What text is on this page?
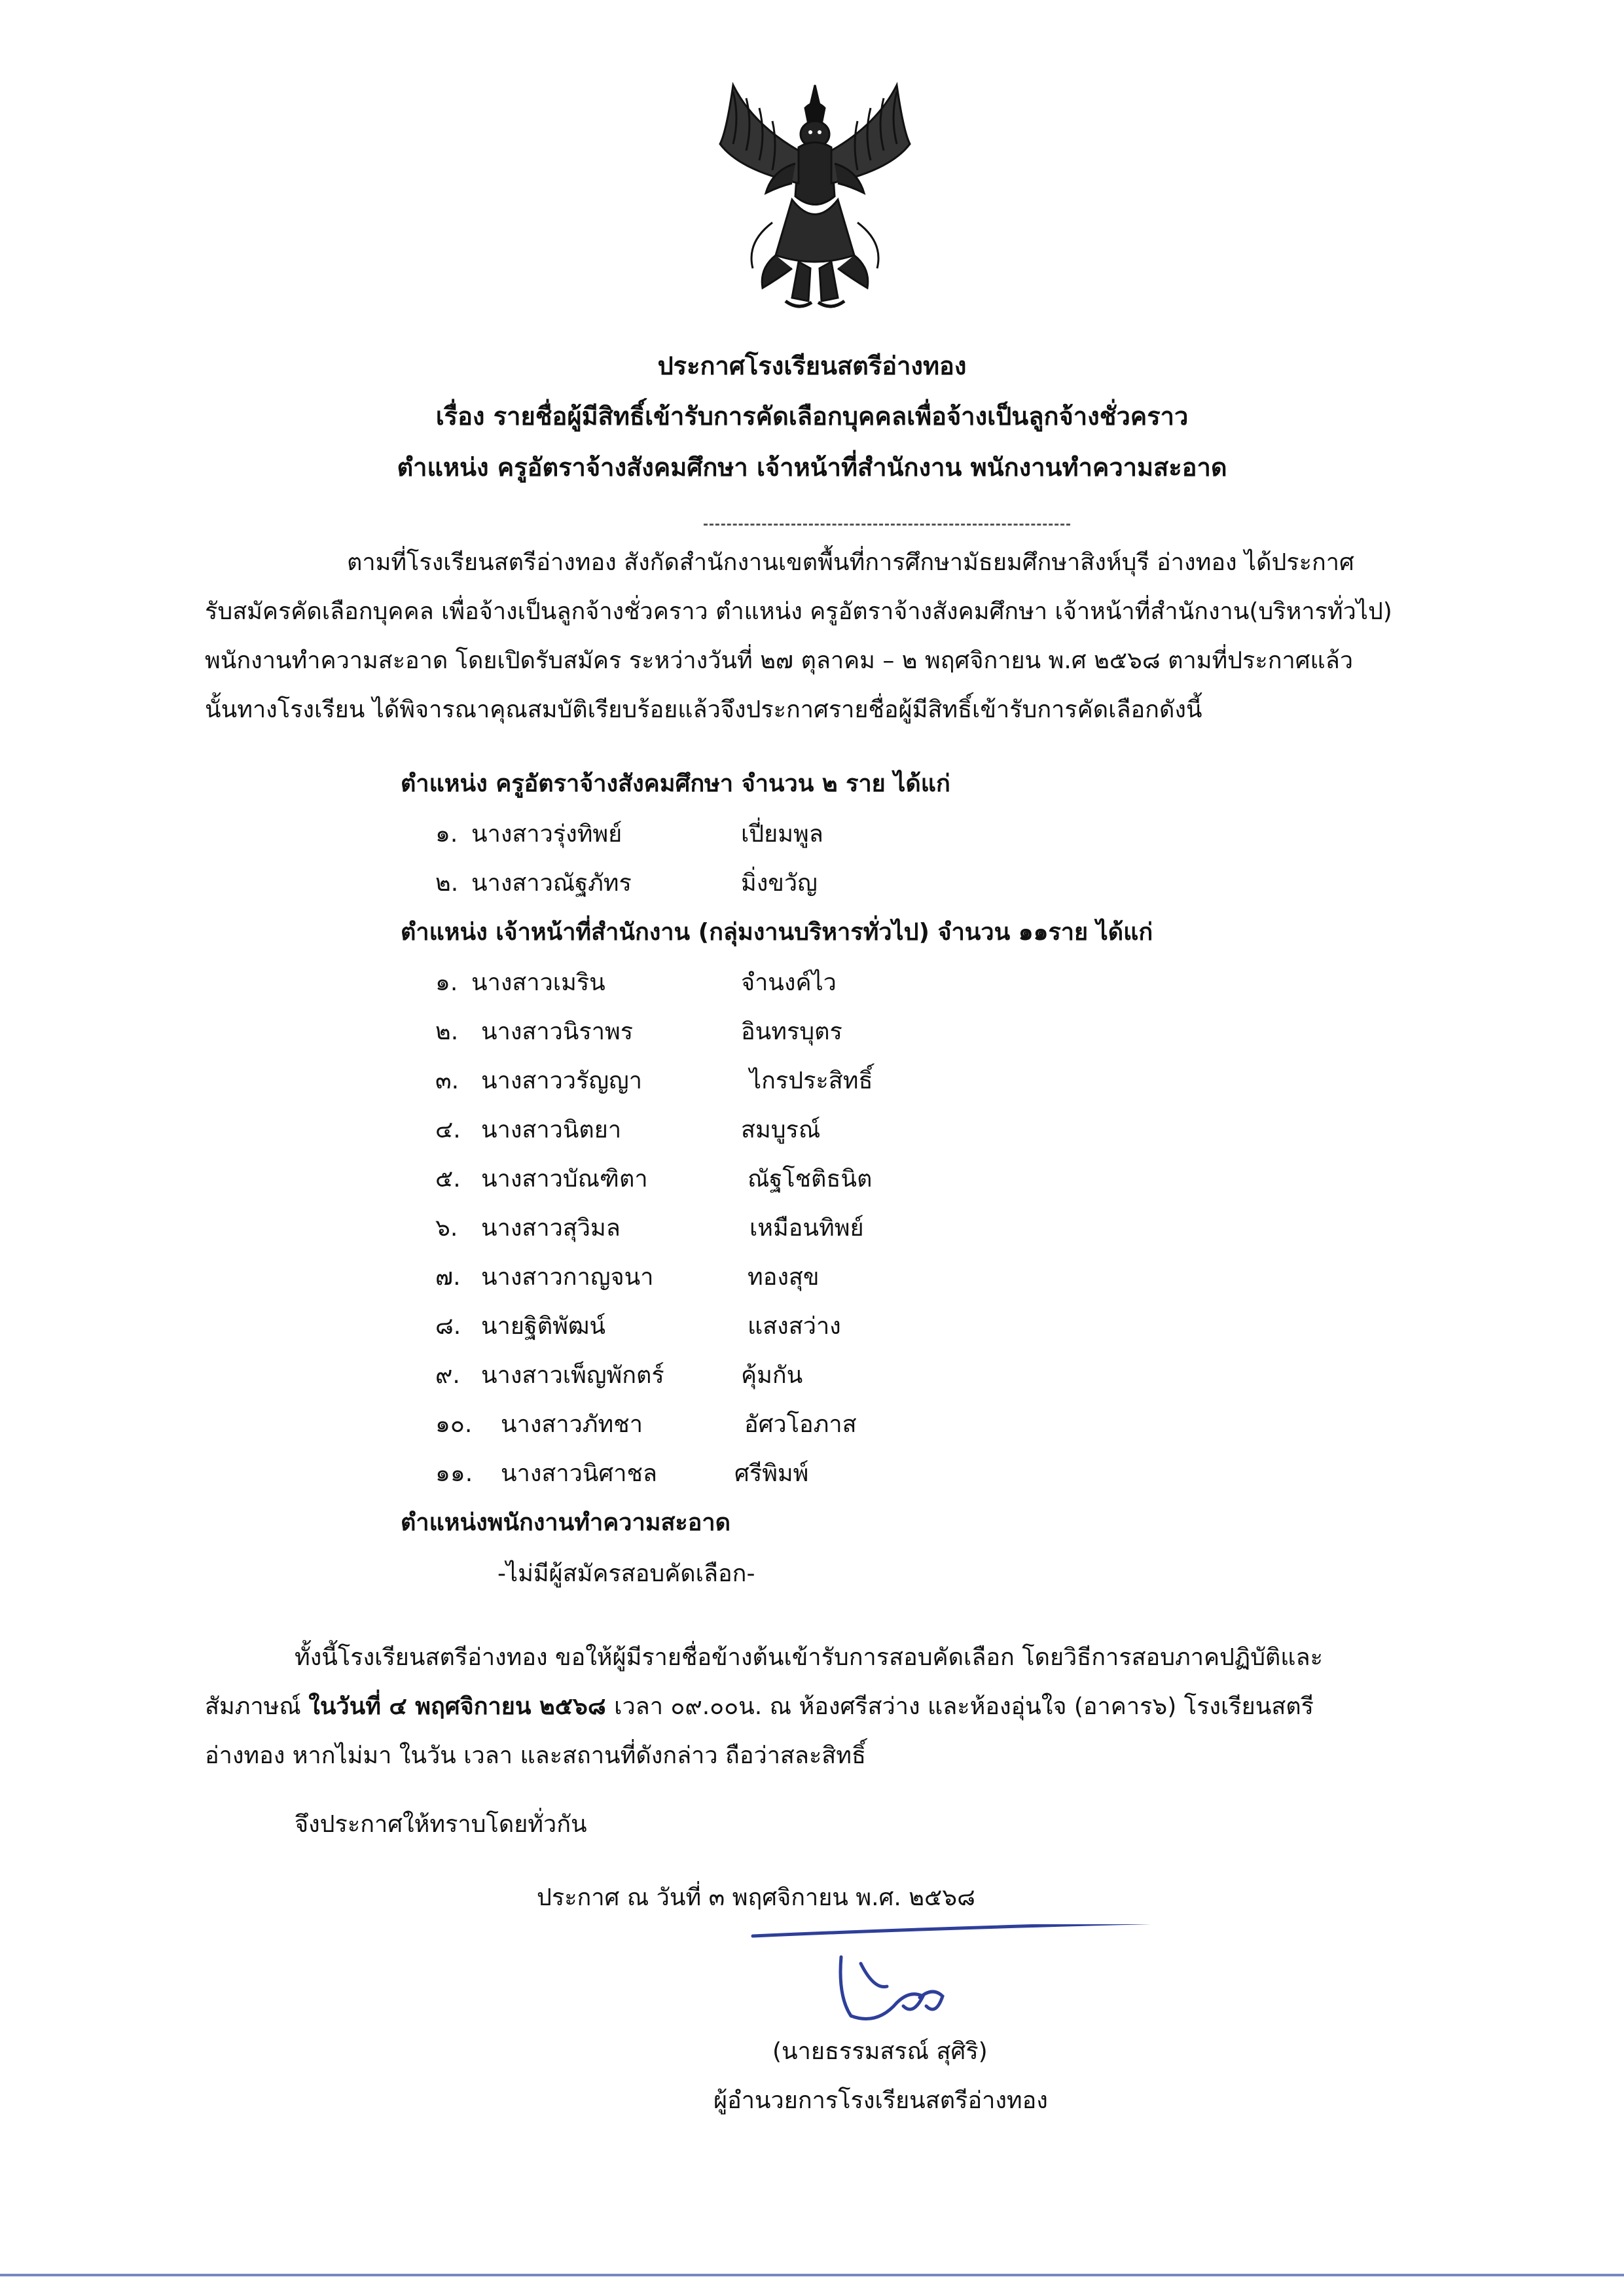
ประกาศโรงเรียนสตรีอ่างทอง
เรื่อง รายชื่อผู้มีสิทธิ์เข้ารับการคัดเลือกบุคคลเพื่อจ้างเป็นลูกจ้างชั่วคราว
ตำแหน่ง ครูอัตราจ้างสังคมศึกษา เจ้าหน้าที่สำนักงาน พนักงานทำความสะอาด
ตามที่โรงเรียนสตรีอ่างทอง สังกัดสำนักงานเขตพื้นที่การศึกษามัธยมศึกษาสิงห์บุรี อ่างทอง ได้ประกาศ
รับสมัครคัดเลือกบุคคล เพื่อจ้างเป็นลูกจ้างชั่วคราว ตำแหน่ง ครูอัตราจ้างสังคมศึกษา เจ้าหน้าที่สำนักงาน(บริหารทั่วไป)
พนักงานทำความสะอาด โดยเปิดรับสมัคร ระหว่างวันที่ ๒๗ ตุลาคม – ๒ พฤศจิกายน พ.ศ ๒๕๖๘ ตามที่ประกาศแล้ว
นั้นทางโรงเรียน ได้พิจารณาคุณสมบัติเรียบร้อยแล้วจึงประกาศรายชื่อผู้มีสิทธิ์เข้ารับการคัดเลือกดังนี้
ตำแหน่ง ครูอัตราจ้างสังคมศึกษา จำนวน ๒ ราย ได้แก่
๑. นางสาวรุ่งทิพย์	เปี่ยมพูล
๒. นางสาวณัฐภัทร	มิ่งขวัญ
ตำแหน่ง เจ้าหน้าที่สำนักงาน (กลุ่มงานบริหารทั่วไป) จำนวน ๑๑ราย ได้แก่
๑. นางสาวเมริน	จำนงค์ไว
๒. นางสาวนิราพร	อินทรบุตร
๓. นางสาววรัญญา	ไกรประสิทธิ์
๔. นางสาวนิตยา	สมบูรณ์
๕. นางสาวบัณฑิตา	ณัฐโชติธนิต
๖. นางสาวสุวิมล	เหมือนทิพย์
๗. นางสาวกาญจนา	ทองสุข
๘. นายฐิติพัฒน์	แสงสว่าง
๙. นางสาวเพ็ญพักตร์	คุ้มกัน
๑๐. นางสาวภัทชา	อัศวโอภาส
๑๑. นางสาวนิศาชล	ศรีพิมพ์
ตำแหน่งพนักงานทำความสะอาด
-ไม่มีผู้สมัครสอบคัดเลือก-
ทั้งนี้โรงเรียนสตรีอ่างทอง ขอให้ผู้มีรายชื่อข้างต้นเข้ารับการสอบคัดเลือก โดยวิธีการสอบภาคปฏิบัติและ
สัมภาษณ์ ในวันที่ ๔ พฤศจิกายน ๒๕๖๘ เวลา ๐๙.๐๐น. ณ ห้องศรีสว่าง และห้องอุ่นใจ (อาคาร๖) โรงเรียนสตรี
อ่างทอง หากไม่มา ในวัน เวลา และสถานที่ดังกล่าว ถือว่าสละสิทธิ์
จึงประกาศให้ทราบโดยทั่วกัน
ประกาศ ณ วันที่ ๓ พฤศจิกายน พ.ศ. ๒๕๖๘
(นายธรรมสรณ์ สุศิริ)
ผู้อำนวยการโรงเรียนสตรีอ่างทอง
